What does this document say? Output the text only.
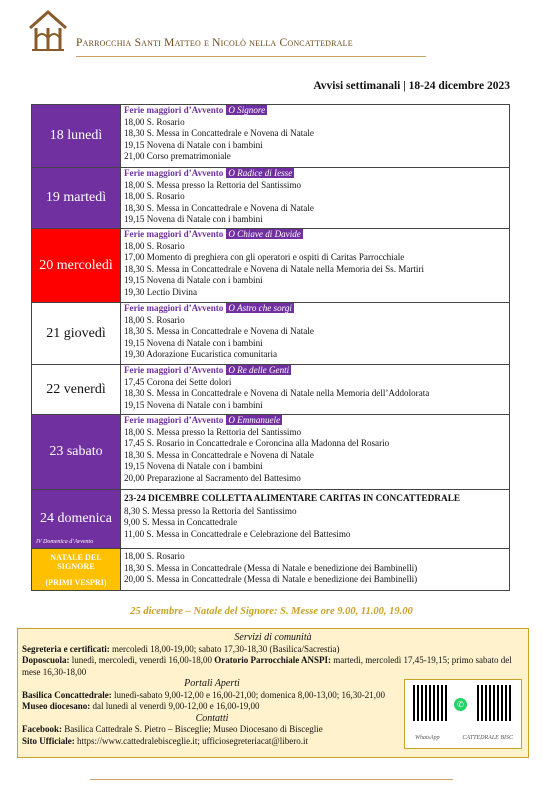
Parrocchia Santi Matteo e Nicolò nella Concattedrale
Avvisi settimanali | 18-24 dicembre 2023
18 lunedì
Ferie maggiori d’Avvento O Signore
18,00 S. Rosario
18,30 S. Messa in Concattedrale e Novena di Natale
19,15 Novena di Natale con i bambini
21,00 Corso prematrimoniale
19 martedì
Ferie maggiori d’Avvento O Radice di Iesse
18,00 S. Messa presso la Rettoria del Santissimo
18,00 S. Rosario
18,30 S. Messa in Concattedrale e Novena di Natale
19,15 Novena di Natale con i bambini
20 mercoledì
Ferie maggiori d’Avvento O Chiave di Davide
18,00 S. Rosario
17,00 Momento di preghiera con gli operatori e ospiti di Caritas Parrocchiale
18,30 S. Messa in Concattedrale e Novena di Natale nella Memoria dei Ss. Martiri
19,15 Novena di Natale con i bambini
19,30 Lectio Divina
21 giovedì
Ferie maggiori d’Avvento O Astro che sorgi
18,00 S. Rosario
18,30 S. Messa in Concattedrale e Novena di Natale
19,15 Novena di Natale con i bambini
19,30 Adorazione Eucaristica comunitaria
22 venerdì
Ferie maggiori d’Avvento O Re delle Genti
17,45 Corona dei Sette dolori
18,30 S. Messa in Concattedrale e Novena di Natale nella Memoria dell’Addolorata
19,15 Novena di Natale con i bambini
23 sabato
Ferie maggiori d’Avvento O Emmanuele
18,00 S. Messa presso la Rettoria del Santissimo
17,45 S. Rosario in Concattedrale e Coroncina alla Madonna del Rosario
18,30 S. Messa in Concattedrale e Novena di Natale
19,15 Novena di Natale con i bambini
20,00 Preparazione al Sacramento del Battesimo
24 domenica
IV Domenica d’Avvento
23-24 DICEMBRE COLLETTA ALIMENTARE CARITAS IN CONCATTEDRALE
8,30 S. Messa presso la Rettoria del Santissimo
9,00 S. Messa in Concattedrale
11,00 S. Messa in Concattedrale e Celebrazione del Battesimo
NATALE DEL SIGNORE
(PRIMI VESPRI)
18,00 S. Rosario
18,30 S. Messa in Concattedrale (Messa di Natale e benedizione dei Bambinelli)
20,00 S. Messa in Concattedrale (Messa di Natale e benedizione dei Bambinelli)
25 dicembre – Natale del Signore: S. Messe ore 9.00, 11.00, 19.00
Servizi di comunità
Segreteria e certificati: mercoledì 18,00-19,00; sabato 17,30-18,30 (Basilica/Sacrestia)
Doposcuola: lunedì, mercoledì, venerdì 16,00-18,00 Oratorio Parrocchiale ANSPI: martedì, mercoledì 17,45-19,15; primo sabato del mese 16,30-18,00
Portali Aperti
Basilica Concattedrale: lunedì-sabato 9,00-12,00 e 16,00-21,00; domenica 8,00-13,00; 16,30-21,00 Museo diocesano: dal lunedì al venerdì 9,00-12,00 e 16,00-19,00
Contatti
Facebook: Basilica Cattedrale S. Pietro – Bisceglie; Museo Diocesano di Bisceglie
Sito Ufficiale: https://www.cattedralebisceglie.it; ufficiosegreteriacat@libero.it
✆
WhatsApp	CATTEDRALE BISC
